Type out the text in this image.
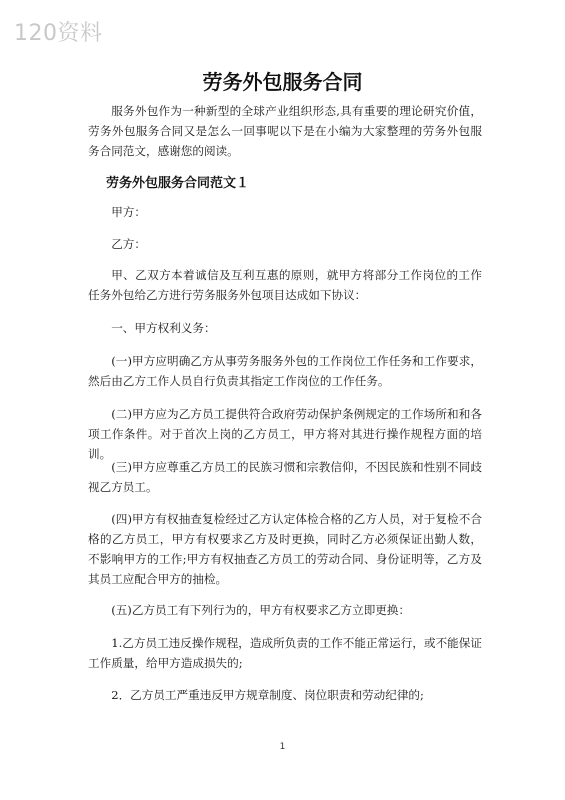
120资料
劳务外包服务合同

服务外包作为一种新型的全球产业组织形态,具有重要的理论研究价值，劳务外包服务合同又是怎么一回事呢以下是在小编为大家整理的劳务外包服务合同范文，感谢您的阅读。

劳务外包服务合同范文１

甲方：

乙方：

甲、乙双方本着诚信及互利互惠的原则，就甲方将部分工作岗位的工作任务外包给乙方进行劳务服务外包项目达成如下协议：

一、甲方权利义务：

(一)甲方应明确乙方从事劳务服务外包的工作岗位工作任务和工作要求，然后由乙方工作人员自行负责其指定工作岗位的工作任务。

(二)甲方应为乙方员工提供符合政府劳动保护条例规定的工作场所和和各项工作条件。对于首次上岗的乙方员工，甲方将对其进行操作规程方面的培训。

(三)甲方应尊重乙方员工的民族习惯和宗教信仰，不因民族和性别不同歧视乙方员工。

(四)甲方有权抽查复检经过乙方认定体检合格的乙方人员，对于复检不合格的乙方员工，甲方有权要求乙方及时更换，同时乙方必须保证出勤人数，不影响甲方的工作;甲方有权抽查乙方员工的劳动合同、身份证明等，乙方及其员工应配合甲方的抽检。

(五)乙方员工有下列行为的，甲方有权要求乙方立即更换：

1.乙方员工违反操作规程，造成所负责的工作不能正常运行，或不能保证工作质量，给甲方造成损失的;

2．乙方员工严重违反甲方规章制度、岗位职责和劳动纪律的;

1
